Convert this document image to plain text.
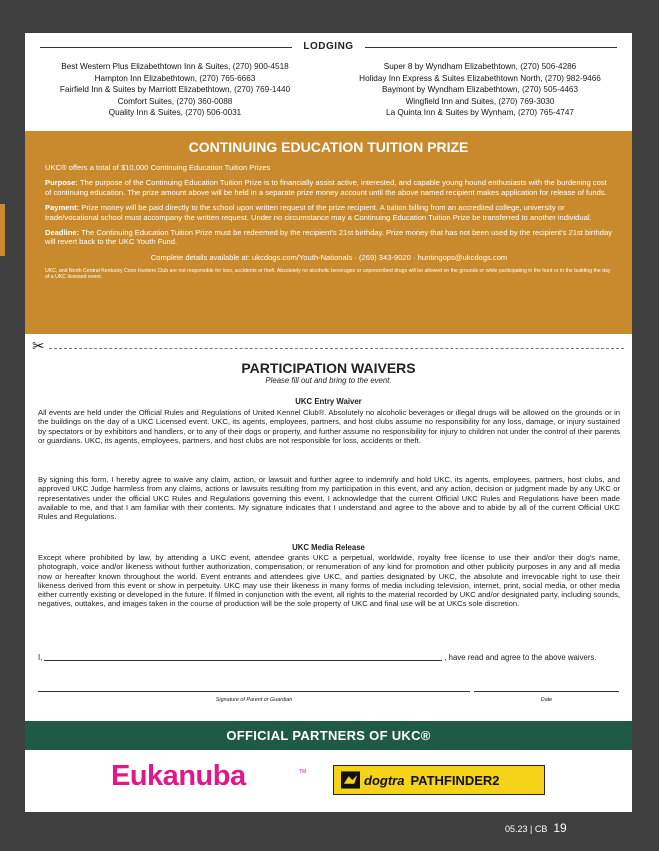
LODGING
Best Western Plus Elizabethtown Inn & Suites, (270) 900-4518
Hampton Inn Elizabethtown, (270) 765-6663
Fairfield Inn & Suites by Marriott Elizabethtown, (270) 769-1440
Comfort Suites, (270) 360-0088
Quality Inn & Suites, (270) 506-0031
Super 8 by Wyndham Elizabethtown, (270) 506-4286
Holiday Inn Express & Suites Elizabethtown North, (270) 982-9466
Baymont by Wyndham Elizabethtown, (270) 505-4463
Wingfield Inn and Suites, (270) 769-3030
La Quinta Inn & Suites by Wynham, (270) 765-4747
CONTINUING EDUCATION TUITION PRIZE

UKC® offers a total of $10,000 Continuing Education Tuition Prizes

Purpose: The purpose of the Continuing Education Tuition Prize is to financially assist active, interested, and capable young hound enthusiasts with the burdening cost of continuing education. The prize amount above will be held in a separate prize money account until the above named recipient makes application for release of funds.

Payment: Prize money will be paid directly to the school upon written request of the prize recipient. A tuition billing from an accredited college, university or trade/vocational school must accompany the written request. Under no circumstance may a Continuing Education Tuition Prize be transferred to another individual.

Deadline: The Continuing Education Tuition Prize must be redeemed by the recipient's 21st birthday. Prize money that has not been used by the recipient's 21st birthday will revert back to the UKC Youth Fund.

Complete details available at: ukcdogs.com/Youth-Nationals · (269) 343-9020 · huntingops@ukcdogs.com

UKC, and North Central Kentucky Coon Hunters Club are not responsible for loss, accidents or theft. Absolutely no alcoholic beverages or unprescribed drugs will be allowed on the grounds or while participating in the hunt or in the building the day of a UKC licensed event.

✂
PARTICIPATION WAIVERS
Please fill out and bring to the event.
UKC Entry Waiver

All events are held under the Official Rules and Regulations of United Kennel Club®. Absolutely no alcoholic beverages or illegal drugs will be allowed on the grounds or in the buildings on the day of a UKC Licensed event. UKC, its agents, employees, partners, and host clubs assume no responsibility for any loss, damage, or injury sustained by spectators or by exhibitors and handlers, or to any of their dogs or property, and further assume no responsibility for injury to children not under the control of their parents or guardians. UKC, its agents, employees, partners, and host clubs are not responsible for loss, accidents or theft.

By signing this form, I hereby agree to waive any claim, action, or lawsuit and further agree to indemnify and hold UKC, its agents, employees, partners, host clubs, and approved UKC Judge harmless from any claims, actions or lawsuits resulting from my participation in this event, and any action, decision or judgment made by any UKC or representatives under the official UKC Rules and Regulations governing this event. I acknowledge that the current Official UKC Rules and Regulations have been made available to me, and that I am familiar with their contents. My signature indicates that I understand and agree to the above and to abide by all of the current Official UKC Rules and Regulations.

UKC Media Release

Except where prohibited by law, by attending a UKC event, attendee grants UKC a perpetual, worldwide, royalty free license to use their and/or their dog's name, photograph, voice and/or likeness without further authorization, compensation, or renumeration of any kind for promotion and other publicity purposes in any and all media now or hereafter known throughout the world. Event entrants and attendees give UKC, and parties designated by UKC, the absolute and irrevocable right to use their likeness derived from this event or show in perpetuity. UKC may use their likeness in many forms of media including television, internet, print, social media, or other media either currently existing or developed in the future. If filmed in conjunction with the event, all rights to the material recorded by UKC and/or designated party, including sounds, negatives, outtakes, and images taken in the course of production will be the sole property of UKC and final use will be at UKCs sole discretion.

I,	, have read and agree to the above waivers.
Signature of Parent or Guardian	Date
OFFICIAL PARTNERS OF UKC®
Eukanuba	TM
dogtra PATHFINDER2
05.23 | CB 19
